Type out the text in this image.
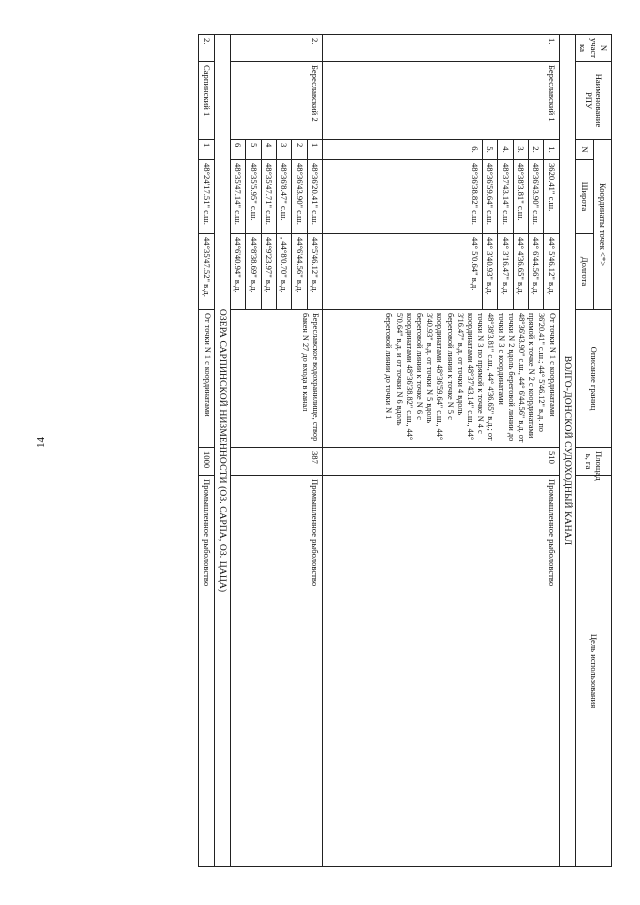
14
N участ ка	Наименование РПУ	Координаты точек <*>			Описание границ	Площад ь, га	Цель использования
		N	Широта	Долгота			
ВОЛГО-ДОНСКОЙ СУДОХОДНЫЙ КАНАЛ							
1.	Береславский 1	1.	3620.41" с.ш.	44° 5'46.12" в.д.	От точки N 1 с координатами 36'20.41" с.ш.; 44° 5'46.12" в.д. по прямой к точке N 2 с координатами 48°36'43.90" с.ш., 44° 6'44.56" в.д. от точки N 2 вдоль береговой линии до точки N 3 с координатами 48°38'3.81" с.ш., 44° 4'36.65" в.д.; от точки N 3 по прямой к точке N 4 с координатами 48°37'43.14" с.ш., 44° 3'16.47" в.д. от точки 4 вдоль береговой линии к точке N 5 с координатами 48°36'59.64" с.ш., 44° 3'40.93" в.д. от точки N 5 вдоль береговой линии к точке N 6 с координатами 48°36'38.82" с.ш., 44° 5'0.64" в.д. и от точки N 6 вдоль береговой линии до точки N 1	510	Промышленное рыболовство
		2.	48°36'43.90" с.ш.	44° 6'44.56" в.д.			
		3.	48°38'3.81" с.ш.	44° 4'36.65" в.д.			
		4.	48°37'43.14" с.ш.	44° 3'16.47" в.д.			
		5.	48°36'59.64" с.ш.	44° 3'40.93" в.д.			
		6.	48°36'38.82" с.ш.	44° 5'0.64" в.д.			
2.	Береславский 2	1	48°36'20.41" с.ш.	44°5'46.12" в.д.	Береславское водохранилище, створ бакен N 27 до входа в канал	387	Промышленное рыболовство
		2	48°36'43.90" с.ш.	44°6'44.56" в.д.			
		3	48°36'8.47" с.ш.	, 44°8'0.70" в.д.			
		4	48°35'47.71" с.ш.	44°9'23.97" в.д.			
		5	48°35'5.95" с.ш.	44°8'38.69" в.д.			
		6	48°35'47.14" с.ш.	44°6'40.94" в.д.			
ОЗЕРА САРПИНСКОЙ НИЗМЕННОСТИ (ОЗ. САРПА, ОЗ. ЦАЦА)							
2.	Сарпинский 1	1	48°24'17.51" с.ш.	44°35'47.52" в.д.	От точки N 1 с координатами	1000	Промышленное рыболовство
